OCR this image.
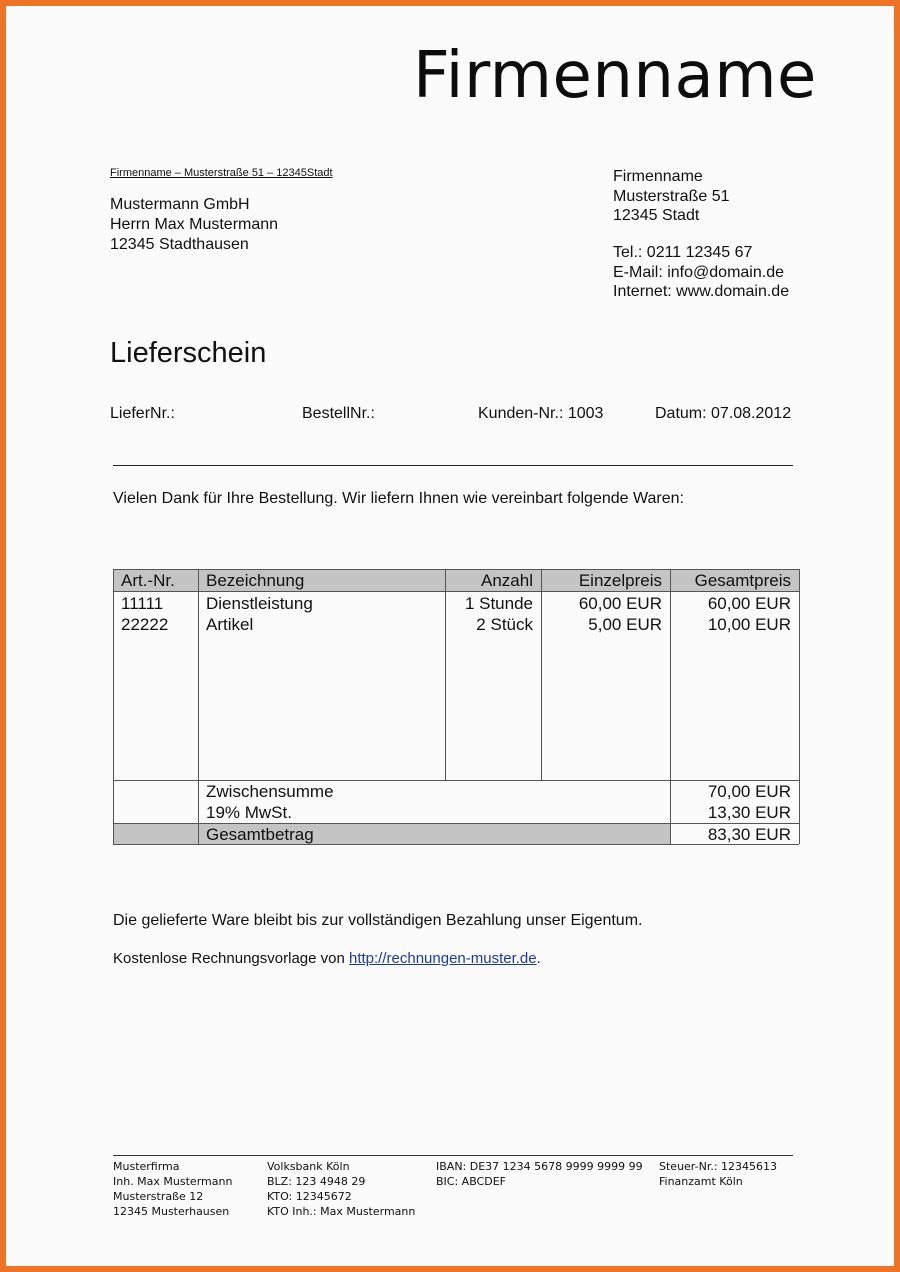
Firmenname
Firmenname – Musterstraße 51 – 12345Stadt
Mustermann GmbH
Herrn Max Mustermann
12345 Stadthausen
Firmenname
Musterstraße 51
12345 Stadt
Tel.: 0211 12345 67
E-Mail: info@domain.de
Internet: www.domain.de
Lieferschein
LieferNr.:	BestellNr.:	Kunden-Nr.: 1003	Datum: 07.08.2012
Vielen Dank für Ihre Bestellung. Wir liefern Ihnen wie vereinbart folgende Waren:
Art.-Nr.	Bezeichnung	Anzahl	Einzelpreis	Gesamtpreis
11111	Dienstleistung	1 Stunde	60,00 EUR	60,00 EUR
22222 Artikel	2 Stück	5,00 EUR	10,00 EUR
Zwischensumme	70,00 EUR
19% MwSt.	13,30 EUR
Gesamtbetrag	83,30 EUR
Die gelieferte Ware bleibt bis zur vollständigen Bezahlung unser Eigentum.
Kostenlose Rechnungsvorlage von http://rechnungen-muster.de.
Musterfirma
Inh. Max Mustermann
Musterstraße 12
12345 Musterhausen
Volksbank Köln
BLZ: 123 4948 29
KTO: 12345672
KTO Inh.: Max Mustermann
IBAN: DE37 1234 5678 9999 9999 99
BIC: ABCDEF
Steuer-Nr.: 12345613
Finanzamt Köln
